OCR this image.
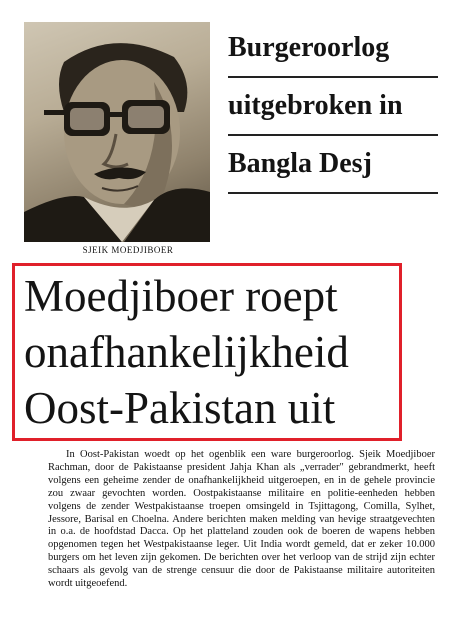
SJEIK MOEDJIBOER
Burgeroorlog
uitgebroken in
Bangla Desj
Moedjiboer roept
onafhankelijkheid
Oost-Pakistan uit
In Oost-Pakistan woedt op het ogenblik een ware burgeroorlog. Sjeik Moedjiboer Rachman, door de Pakistaanse president Jahja Khan als „verrader" gebrandmerkt, heeft volgens een geheime zender de onafhankelijkheid uitgeroepen, en in de gehele provincie zou zwaar gevochten worden. Oostpakistaanse militaire en politie-eenheden hebben volgens de zender Westpakistaanse troepen omsingeld in Tsjittagong, Comilla, Sylhet, Jessore, Barisal en Choelna. Andere berichten maken melding van hevige straatgevechten in o.a. de hoofdstad Dacca. Op het platteland zouden ook de boeren de wapens hebben opgenomen tegen het Westpakistaanse leger. Uit India wordt gemeld, dat er zeker 10.000 burgers om het leven zijn gekomen. De berichten over het verloop van de strijd zijn echter schaars als gevolg van de strenge censuur die door de Pakistaanse militaire autoriteiten wordt uitgeoefend.
